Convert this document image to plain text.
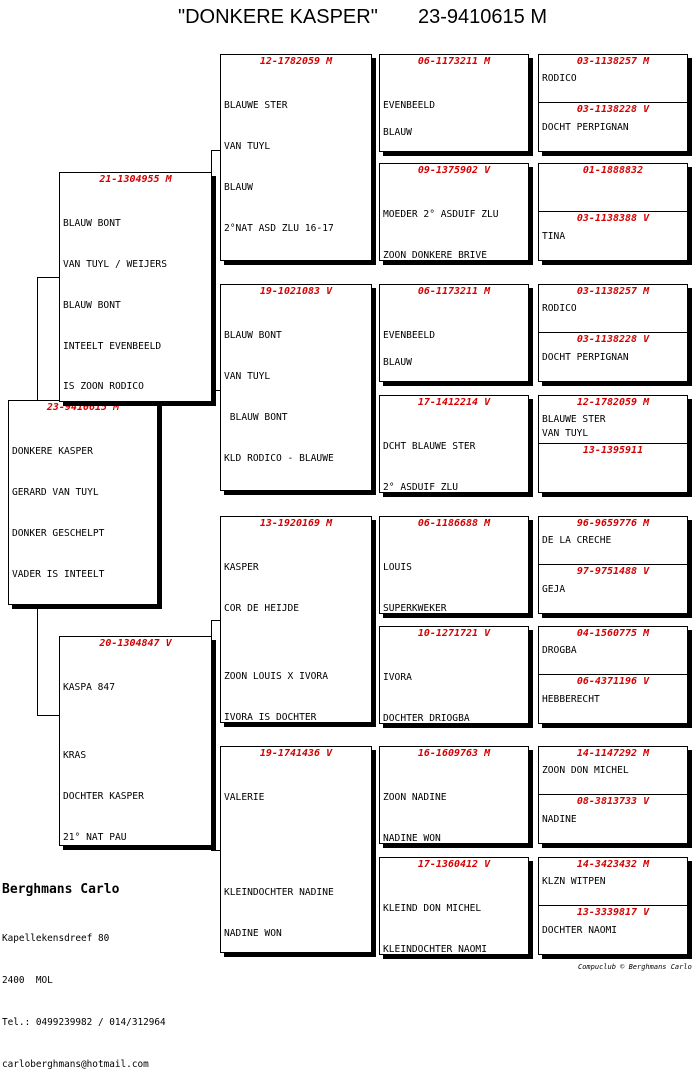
"DONKERE KASPER" 23-9410615 M
23-9410615 M

DONKERE KASPER

GERARD VAN TUYL

DONKER GESCHELPT

VADER IS INTEELT

21-1304955 M

BLAUW BONT

VAN TUYL / WEIJERS

BLAUW BONT

INTEELT EVENBEELD

IS ZOON RODICO

20-1304847 V

KASPA 847

KRAS

DOCHTER KASPER

21° NAT PAU

12-1782059 M

BLAUWE STER

VAN TUYL

BLAUW

2°NAT ASD ZLU 16-17

19-1021083 V

BLAUW BONT

VAN TUYL

BLAUW BONT

KLD RODICO - BLAUWE

13-1920169 M

KASPER

COR DE HEIJDE

ZOON LOUIS X IVORA

IVORA IS DOCHTER

19-1741436 V

VALERIE

KLEINDOCHTER NADINE

NADINE WON

06-1173211 M

EVENBEELD

BLAUW

09-1375902 V

MOEDER 2° ASDUIF ZLU

ZOON DONKERE BRIVE

06-1173211 M

EVENBEELD

BLAUW

17-1412214 V

DCHT BLAUWE STER

2° ASDUIF ZLU

06-1186688 M

LOUIS

SUPERKWEKER

10-1271721 V

IVORA

DOCHTER DRIOGBA

16-1609763 M

ZOON NADINE

NADINE WON

17-1360412 V

KLEIND DON MICHEL

KLEINDOCHTER NAOMI

03-1138257 M
RODICO
03-1138228 V
DOCHT PERPIGNAN
01-1888832
03-1138388 V
TINA
03-1138257 M
RODICO
03-1138228 V
DOCHT PERPIGNAN
12-1782059 M
BLAUWE STER
VAN TUYL
13-1395911
96-9659776 M
DE LA CRECHE
97-9751488 V
GEJA
04-1560775 M
DROGBA
06-4371196 V
HEBBERECHT
14-1147292 M
ZOON DON MICHEL
08-3813733 V
NADINE
14-3423432 M
KLZN WITPEN
13-3339817 V
DOCHTER NAOMI
Berghmans Carlo

Kapellekensdreef 80

2400  MOL

Tel.: 0499239982 / 014/312964

carloberghmans@hotmail.com

Compuclub © Berghmans Carlo
